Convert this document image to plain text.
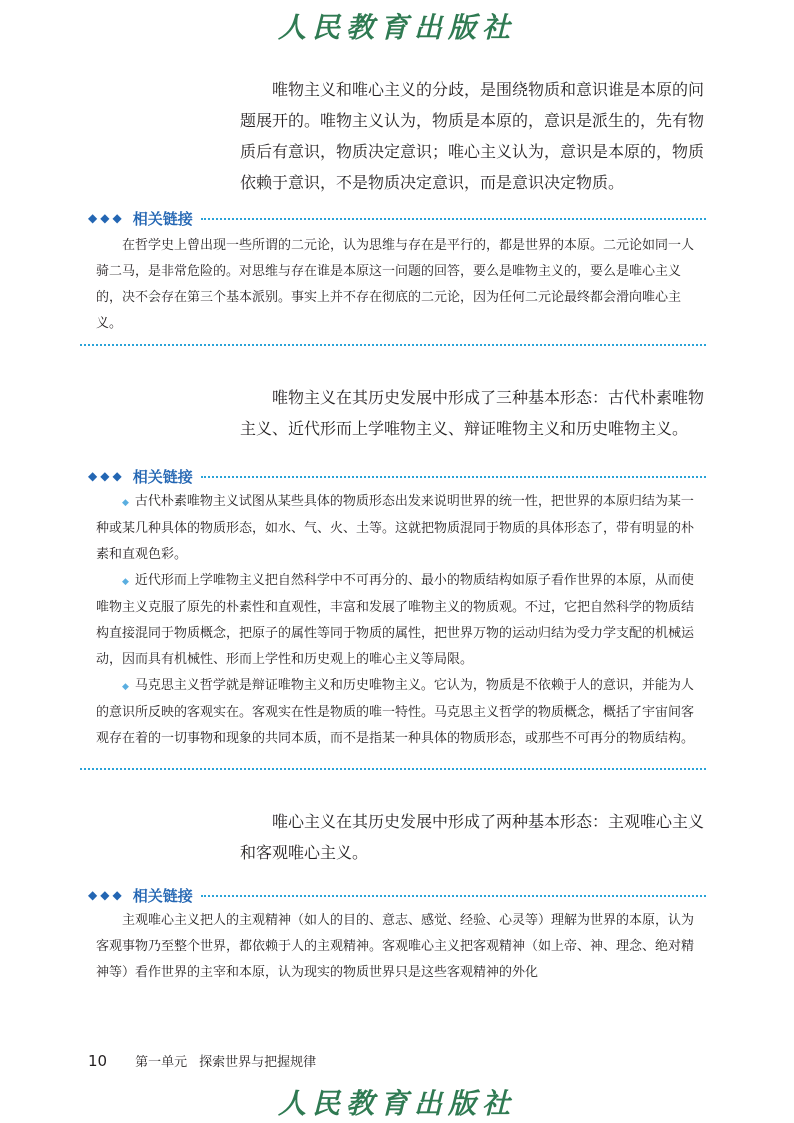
人民教育出版社

唯物主义和唯心主义的分歧，是围绕物质和意识谁是本原的问题展开的。唯物主义认为，物质是本原的，意识是派生的，先有物质后有意识，物质决定意识；唯心主义认为，意识是本原的，物质依赖于意识，不是物质决定意识，而是意识决定物质。

◆◆◆ 相关链接

在哲学史上曾出现一些所谓的二元论，认为思维与存在是平行的，都是世界的本原。二元论如同一人骑二马，是非常危险的。对思维与存在谁是本原这一问题的回答，要么是唯物主义的，要么是唯心主义的，决不会存在第三个基本派别。事实上并不存在彻底的二元论，因为任何二元论最终都会滑向唯心主义。

唯物主义在其历史发展中形成了三种基本形态：古代朴素唯物主义、近代形而上学唯物主义、辩证唯物主义和历史唯物主义。

◆◆◆ 相关链接

◆ 古代朴素唯物主义试图从某些具体的物质形态出发来说明世界的统一性，把世界的本原归结为某一种或某几种具体的物质形态，如水、气、火、土等。这就把物质混同于物质的具体形态了，带有明显的朴素和直观色彩。

◆ 近代形而上学唯物主义把自然科学中不可再分的、最小的物质结构如原子看作世界的本原，从而使唯物主义克服了原先的朴素性和直观性，丰富和发展了唯物主义的物质观。不过，它把自然科学的物质结构直接混同于物质概念，把原子的属性等同于物质的属性，把世界万物的运动归结为受力学支配的机械运动，因而具有机械性、形而上学性和历史观上的唯心主义等局限。

◆ 马克思主义哲学就是辩证唯物主义和历史唯物主义。它认为，物质是不依赖于人的意识，并能为人的意识所反映的客观实在。客观实在性是物质的唯一特性。马克思主义哲学的物质概念，概括了宇宙间客观存在着的一切事物和现象的共同本质，而不是指某一种具体的物质形态，或那些不可再分的物质结构。

唯心主义在其历史发展中形成了两种基本形态：主观唯心主义和客观唯心主义。

◆◆◆ 相关链接

主观唯心主义把人的主观精神（如人的目的、意志、感觉、经验、心灵等）理解为世界的本原，认为客观事物乃至整个世界，都依赖于人的主观精神。客观唯心主义把客观精神（如上帝、神、理念、绝对精神等）看作世界的主宰和本原，认为现实的物质世界只是这些客观精神的外化

10 第一单元 探索世界与把握规律
人民教育出版社
